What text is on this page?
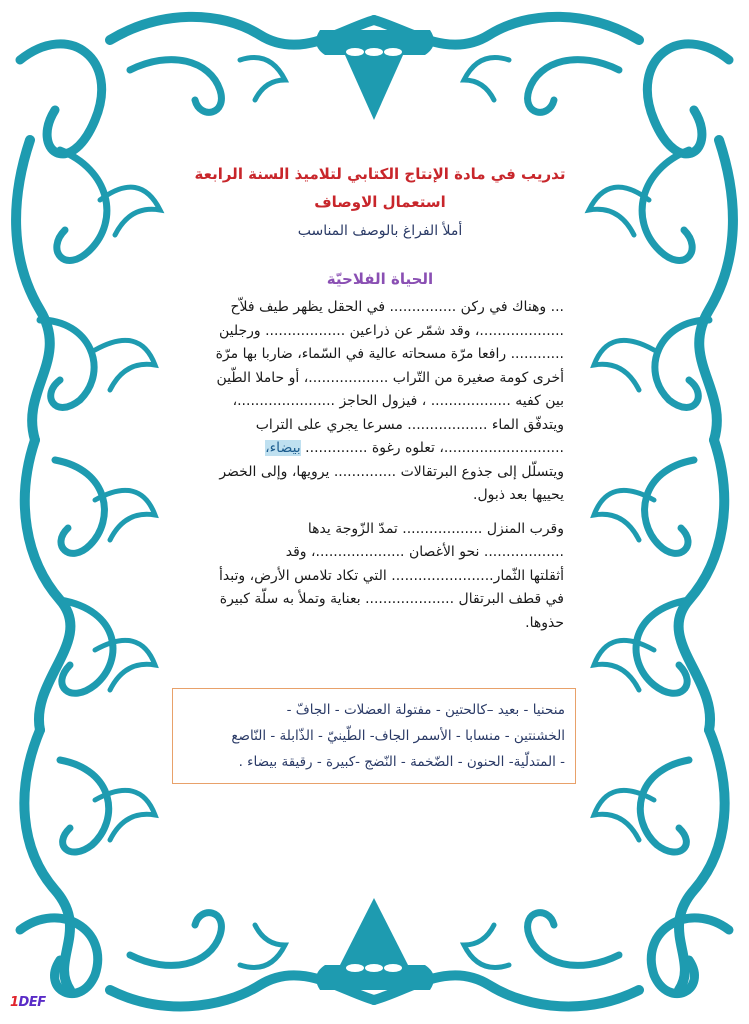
تدريب في مادة الإنتاج الكتابي لتلاميذ السنة الرابعة

استعمال الاوصاف

أملأ الفراغ بالوصف المناسب

الحياة الفلاحيّة

... وهناك في ركن ............... في الحقل يظهر طيف فلاّح
...................، وقد شمّر عن ذراعين .................. ورجلين
............ رافعا مرّة مسحاته عالية في السّماء، ضاربا بها مرّة
أخرى كومة صغيرة من التّراب ..................، أو حاملا الطّين
بين كفيه .................. ، فيزول الحاجز ......................،
ويتدفّق الماء .................. مسرعا يجري على التراب
...........................، تعلوه رغوة .............. بيضاء،
ويتسلّل إلى جذوع البرتقالات .............. يرويها، وإلى الخضر
يحييها بعد ذبول.
وقرب المنزل .................. تمدّ الزّوجة يدها
.................. نحو الأغصان ....................، وقد
أثقلتها الثّمار....................... التي تكاد تلامس الأرض، وتبدأ
في قطف البرتقال .................... بعناية وتملأ به سلّة كبيرة
حذوها.
منحنيا - بعيد –كالحتين - مفتولة العضلات - الجافّ -
الخشنتين - منسابا - الأسمر الجاف- الطّينيّ - الذّابلة - النّاصع
- المتدلّية- الحنون - الضّخمة - النّضج -كبيرة - رقيقة بيضاء .
1DEF
